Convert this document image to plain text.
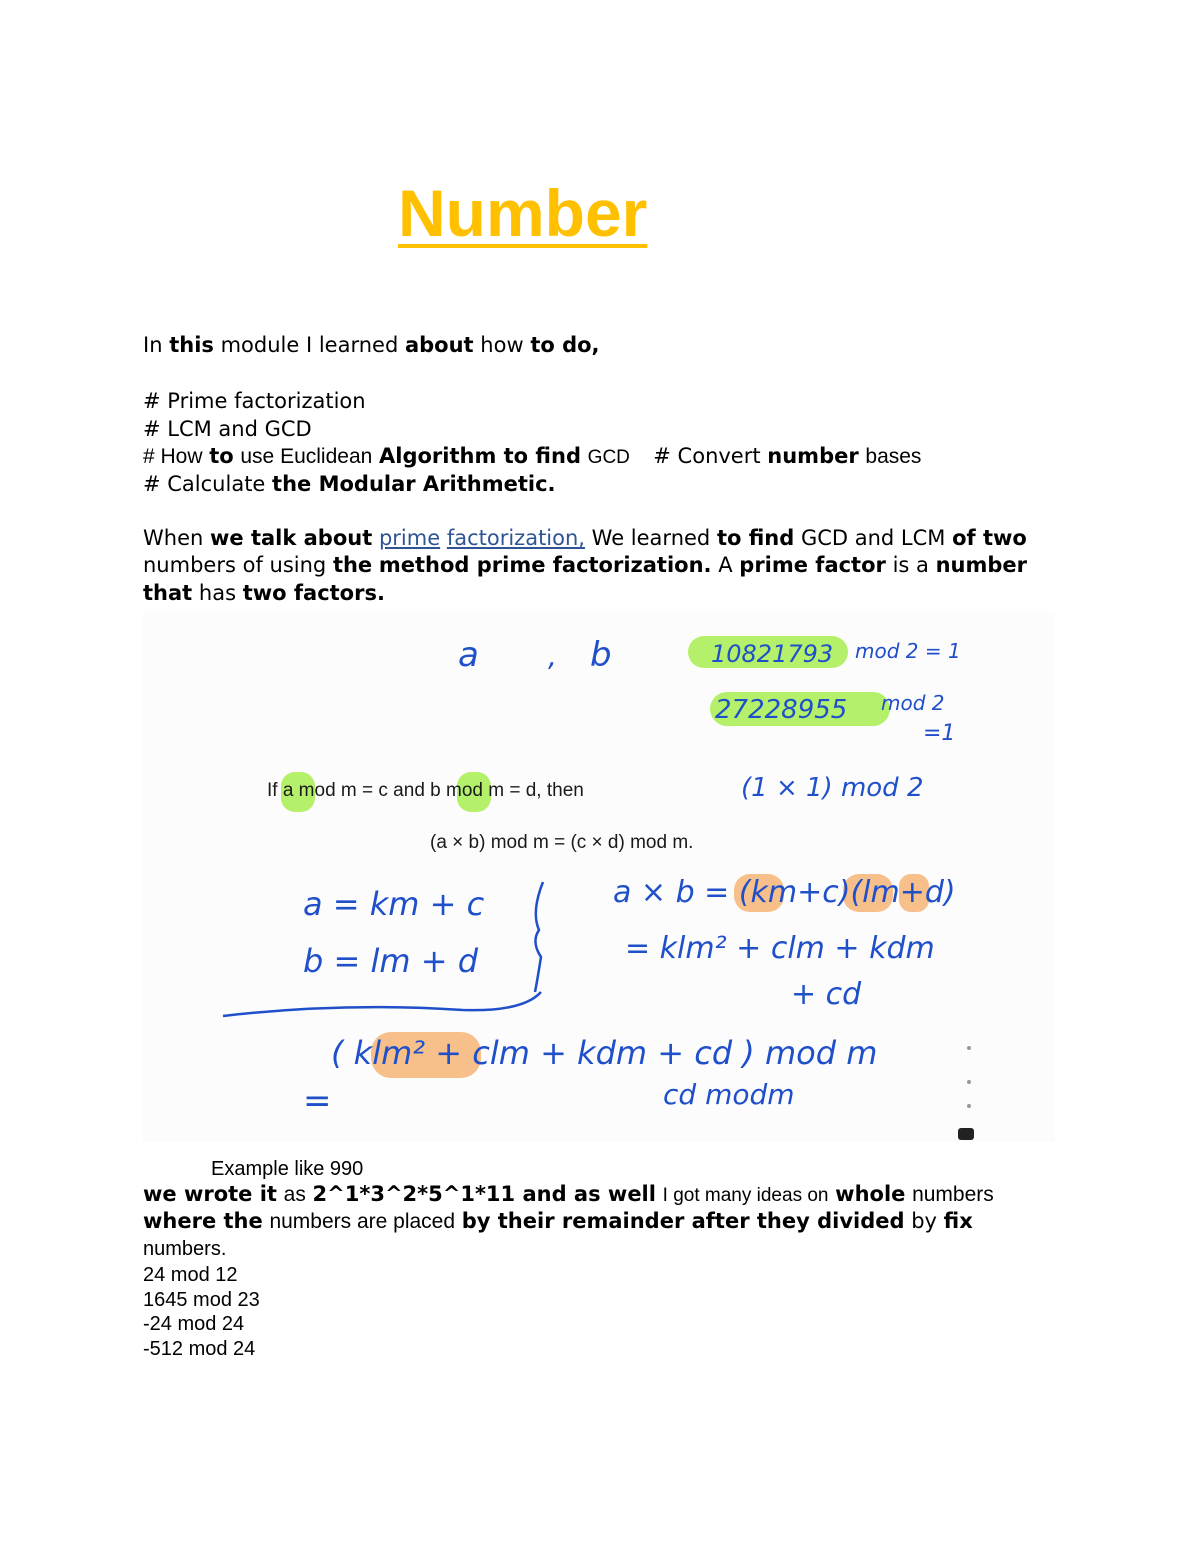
Number
In this module I learned about how to do,
# Prime factorization
# LCM and GCD
# How to use Euclidean Algorithm to find GCD # Convert number bases
# Calculate the Modular Arithmetic.
When we talk about prime factorization, We learned to find GCD and LCM of two
numbers of using the method prime factorization. A prime factor is a number
that has two factors.
a , b	10821793 mod 2 = 1
27228955 mod 2
=1
If a mod m = c and b mod m = d, then
(a × b) mod m = (c × d) mod m.
(1 × 1) mod 2
a = km + c
b = lm + d
a × b = (km+c)(lm+d)
= klm² + clm + kdm
+ cd
( klm² + clm + kdm + cd ) mod m
=	cd modm
Example like 990
we wrote it as 2^1*3^2*5^1*11 and as well I got many ideas on whole numbers
where the numbers are placed by their remainder after they divided by fix
numbers.
24 mod 12
1645 mod 23
-24 mod 24
-512 mod 24
